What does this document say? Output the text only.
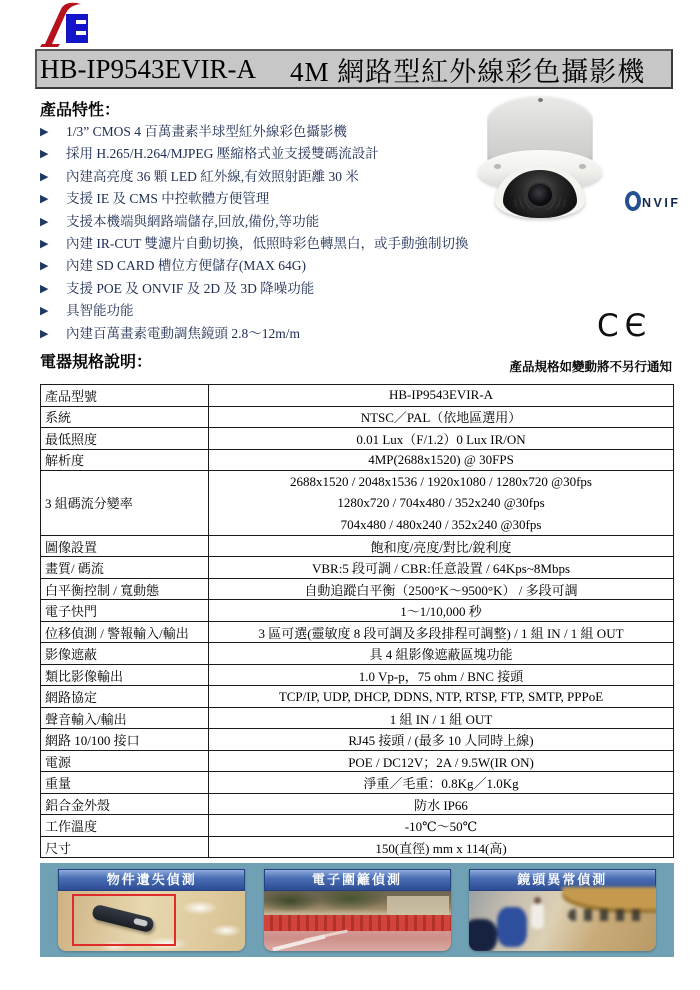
HB-IP9543EVIR-A 4M 網路型紅外線彩色攝影機
產品特性：
▶	1/3” CMOS 4 百萬畫素半球型紅外線彩色攝影機
▶	採用 H.265/H.264/MJPEG 壓縮格式並支援雙碼流設計
▶	內建高亮度 36 顆 LED 紅外線,有效照射距離 30 米
▶	支援 IE 及 CMS 中控軟體方便管理
▶	支援本機端與網路端儲存,回放,備份,等功能
▶	內建 IR-CUT 雙濾片自動切換，低照時彩色轉黑白，或手動強制切換
▶	內建 SD CARD 槽位方便儲存(MAX 64G)
▶	支援 POE 及 ONVIF 及 2D 及 3D 降噪功能
▶	具智能功能
▶	內建百萬畫素電動調焦鏡頭 2.8～12m/m
NVIF
CЄ
電器規格說明：	產品規格如變動將不另行通知
產品型號	HB-IP9543EVIR-A
系統	NTSC／PAL（依地區選用）
最低照度	0.01 Lux（F/1.2）0 Lux IR/ON
解析度	4MP(2688x1520) @ 30FPS
3 組碼流分變率	2688x1520 / 2048x1536 / 1920x1080 / 1280x720 @30fps
1280x720 / 704x480 / 352x240 @30fps
704x480 / 480x240 / 352x240 @30fps

圖像設置	飽和度/亮度/對比/銳利度
畫質/ 碼流	VBR:5 段可調 / CBR:任意設置 / 64Kps~8Mbps
白平衡控制 / 寬動態	自動追蹤白平衡（2500°K～9500°K） / 多段可調
電子快門	1～1/10,000 秒
位移偵測 / 警報輸入/輸出	3 區可選(靈敏度 8 段可調及多段排程可調整) / 1 組 IN / 1 組 OUT
影像遮蔽	具 4 組影像遮蔽區塊功能
類比影像輸出	1.0 Vp-p，75 ohm / BNC 接頭
網路協定	TCP/IP, UDP, DHCP, DDNS, NTP, RTSP, FTP, SMTP, PPPoE
聲音輸入/輸出	1 組 IN / 1 組 OUT
網路 10/100 接口	RJ45 接頭 / (最多 10 人同時上線)
電源	POE / DC12V；2A / 9.5W(IR ON)
重量	淨重／毛重：0.8Kg／1.0Kg
鋁合金外殼	防水 IP66
工作溫度	-10℃～50℃
尺寸	150(直徑) mm x 114(高)
物件遺失偵測	電子圍籬偵測	鏡頭異常偵測
